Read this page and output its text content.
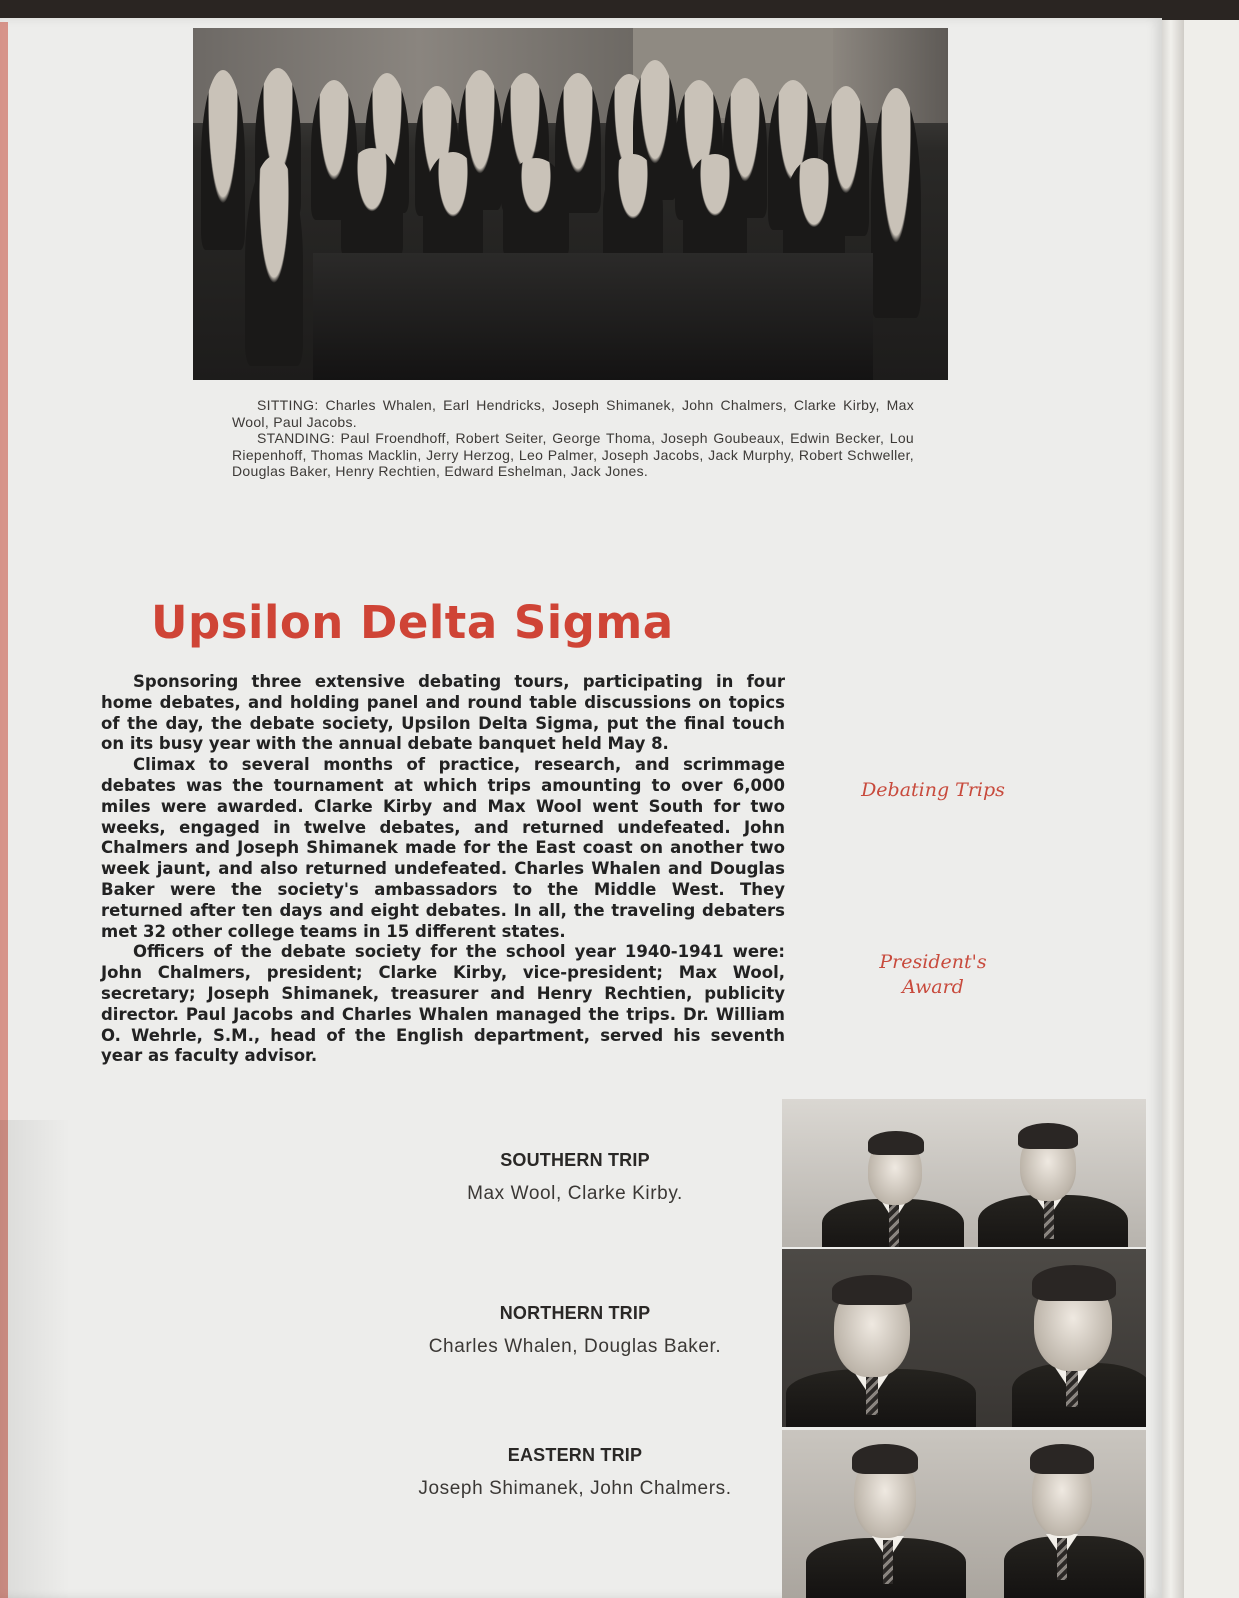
SITTING: Charles Whalen, Earl Hendricks, Joseph Shimanek, John Chalmers, Clarke Kirby, Max Wool, Paul Jacobs.

STANDING: Paul Froendhoff, Robert Seiter, George Thoma, Joseph Goubeaux, Edwin Becker, Lou Riepenhoff, Thomas Macklin, Jerry Herzog, Leo Palmer, Joseph Jacobs, Jack Murphy, Robert Schweller, Douglas Baker, Henry Rechtien, Edward Eshelman, Jack Jones.

Upsilon Delta Sigma

Sponsoring three extensive debating tours, participating in four home debates, and holding panel and round table discussions on topics of the day, the debate society, Upsilon Delta Sigma, put the final touch on its busy year with the annual debate banquet held May 8.

Climax to several months of practice, research, and scrimmage debates was the tournament at which trips amounting to over 6,000 miles were awarded. Clarke Kirby and Max Wool went South for two weeks, engaged in twelve debates, and returned undefeated. John Chalmers and Joseph Shimanek made for the East coast on another two week jaunt, and also returned undefeated. Charles Whalen and Douglas Baker were the society's ambassadors to the Middle West. They returned after ten days and eight debates. In all, the traveling debaters met 32 other college teams in 15 different states.

Officers of the debate society for the school year 1940-1941 were: John Chalmers, president; Clarke Kirby, vice-president; Max Wool, secretary; Joseph Shimanek, treasurer and Henry Rechtien, publicity director. Paul Jacobs and Charles Whalen managed the trips. Dr. William O. Wehrle, S.M., head of the English department, served his seventh year as faculty advisor.

Debating Trips
President's
Award
SOUTHERN TRIP
Max Wool, Clarke Kirby.
NORTHERN TRIP
Charles Whalen, Douglas Baker.
EASTERN TRIP
Joseph Shimanek, John Chalmers.
